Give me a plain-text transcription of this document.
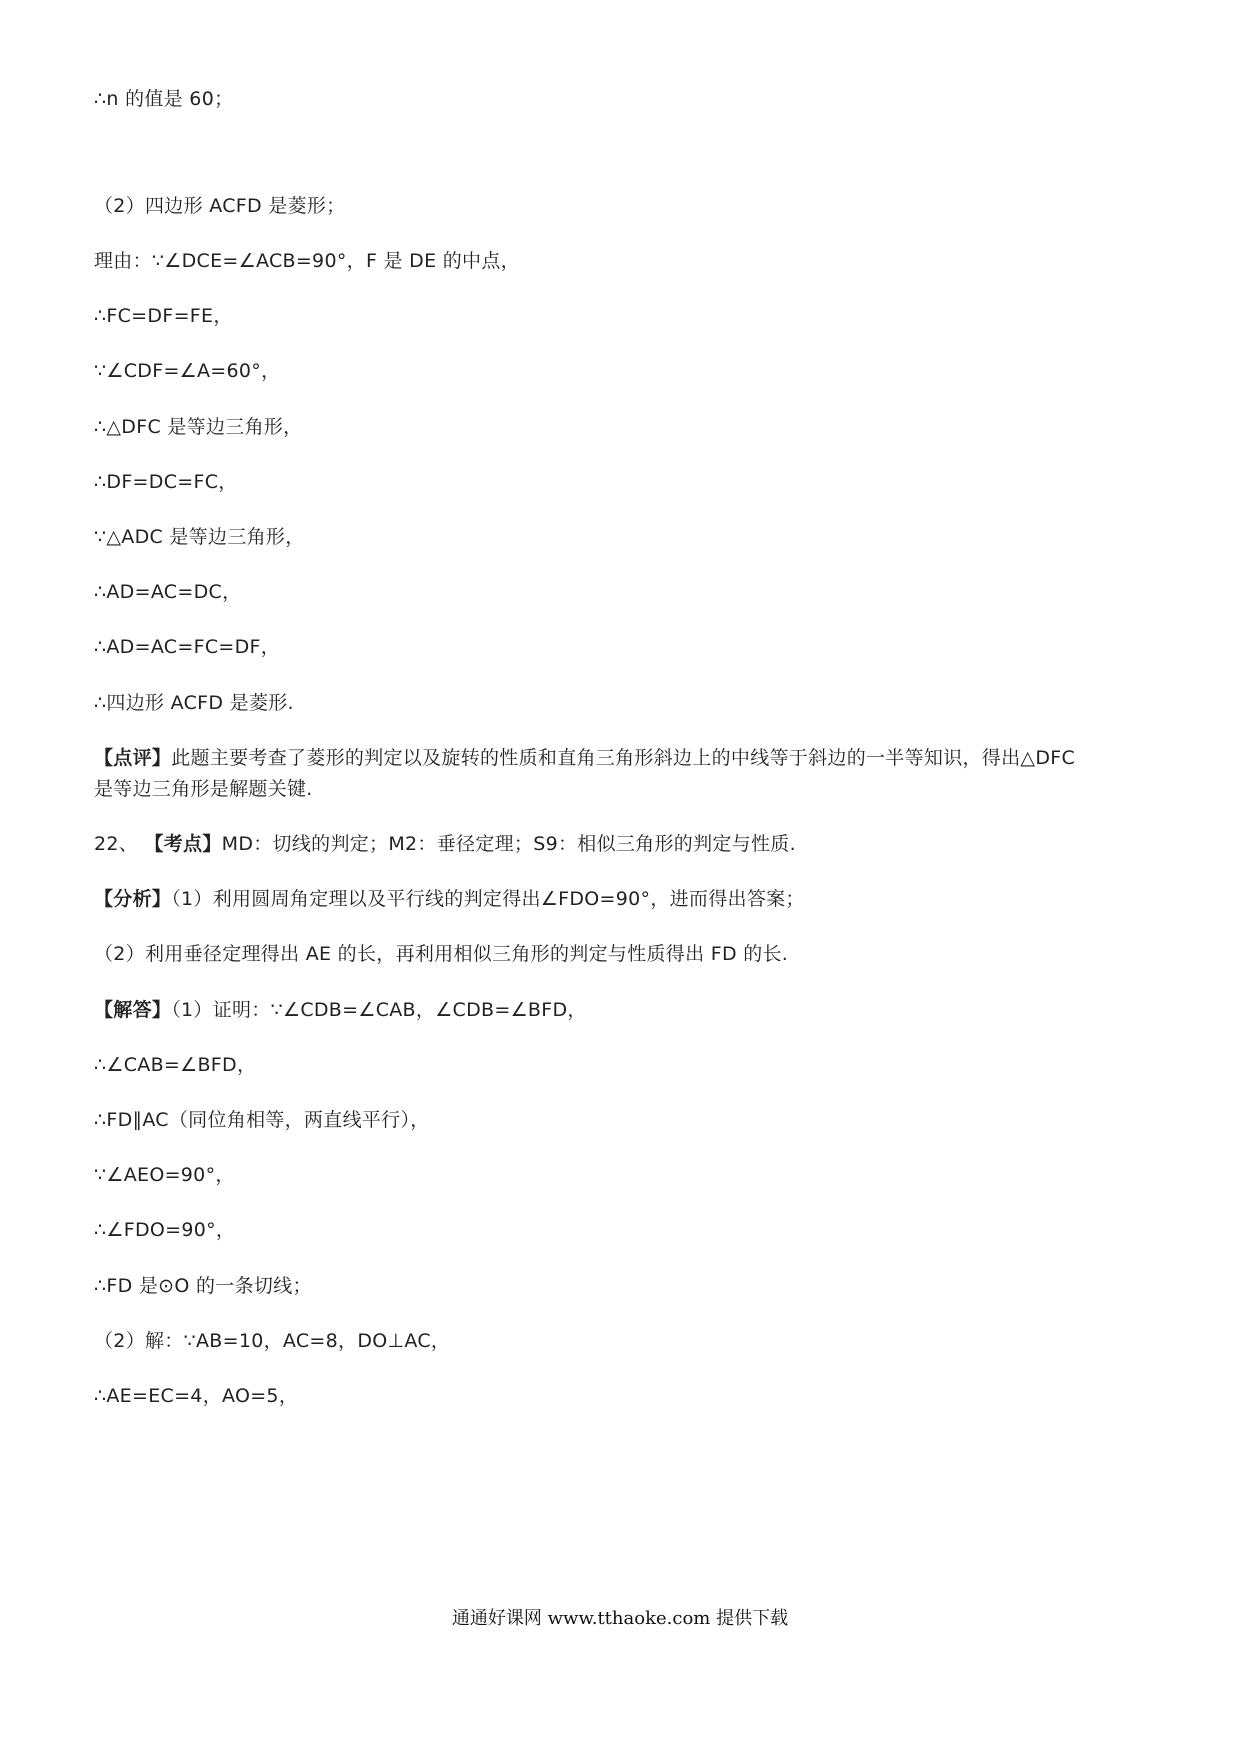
∴n 的值是 60；
（2）四边形 ACFD 是菱形；
理由：∵∠DCE=∠ACB=90°，F 是 DE 的中点，
∴FC=DF=FE，
∵∠CDF=∠A=60°，
∴△DFC 是等边三角形，
∴DF=DC=FC，
∵△ADC 是等边三角形，
∴AD=AC=DC，
∴AD=AC=FC=DF，
∴四边形 ACFD 是菱形.
【点评】此题主要考查了菱形的判定以及旋转的性质和直角三角形斜边上的中线等于斜边的一半等知识，得出△DFC
是等边三角形是解题关键.
22、 【考点】MD：切线的判定；M2：垂径定理；S9：相似三角形的判定与性质.
【分析】（1）利用圆周角定理以及平行线的判定得出∠FDO=90°，进而得出答案；
（2）利用垂径定理得出 AE 的长，再利用相似三角形的判定与性质得出 FD 的长.
【解答】（1）证明：∵∠CDB=∠CAB，∠CDB=∠BFD，
∴∠CAB=∠BFD，
∴FD∥AC（同位角相等，两直线平行），
∵∠AEO=90°，
∴∠FDO=90°，
∴FD 是⊙O 的一条切线；
（2）解：∵AB=10，AC=8，DO⊥AC，
∴AE=EC=4，AO=5，
通通好课网 www.tthaoke.com 提供下载
